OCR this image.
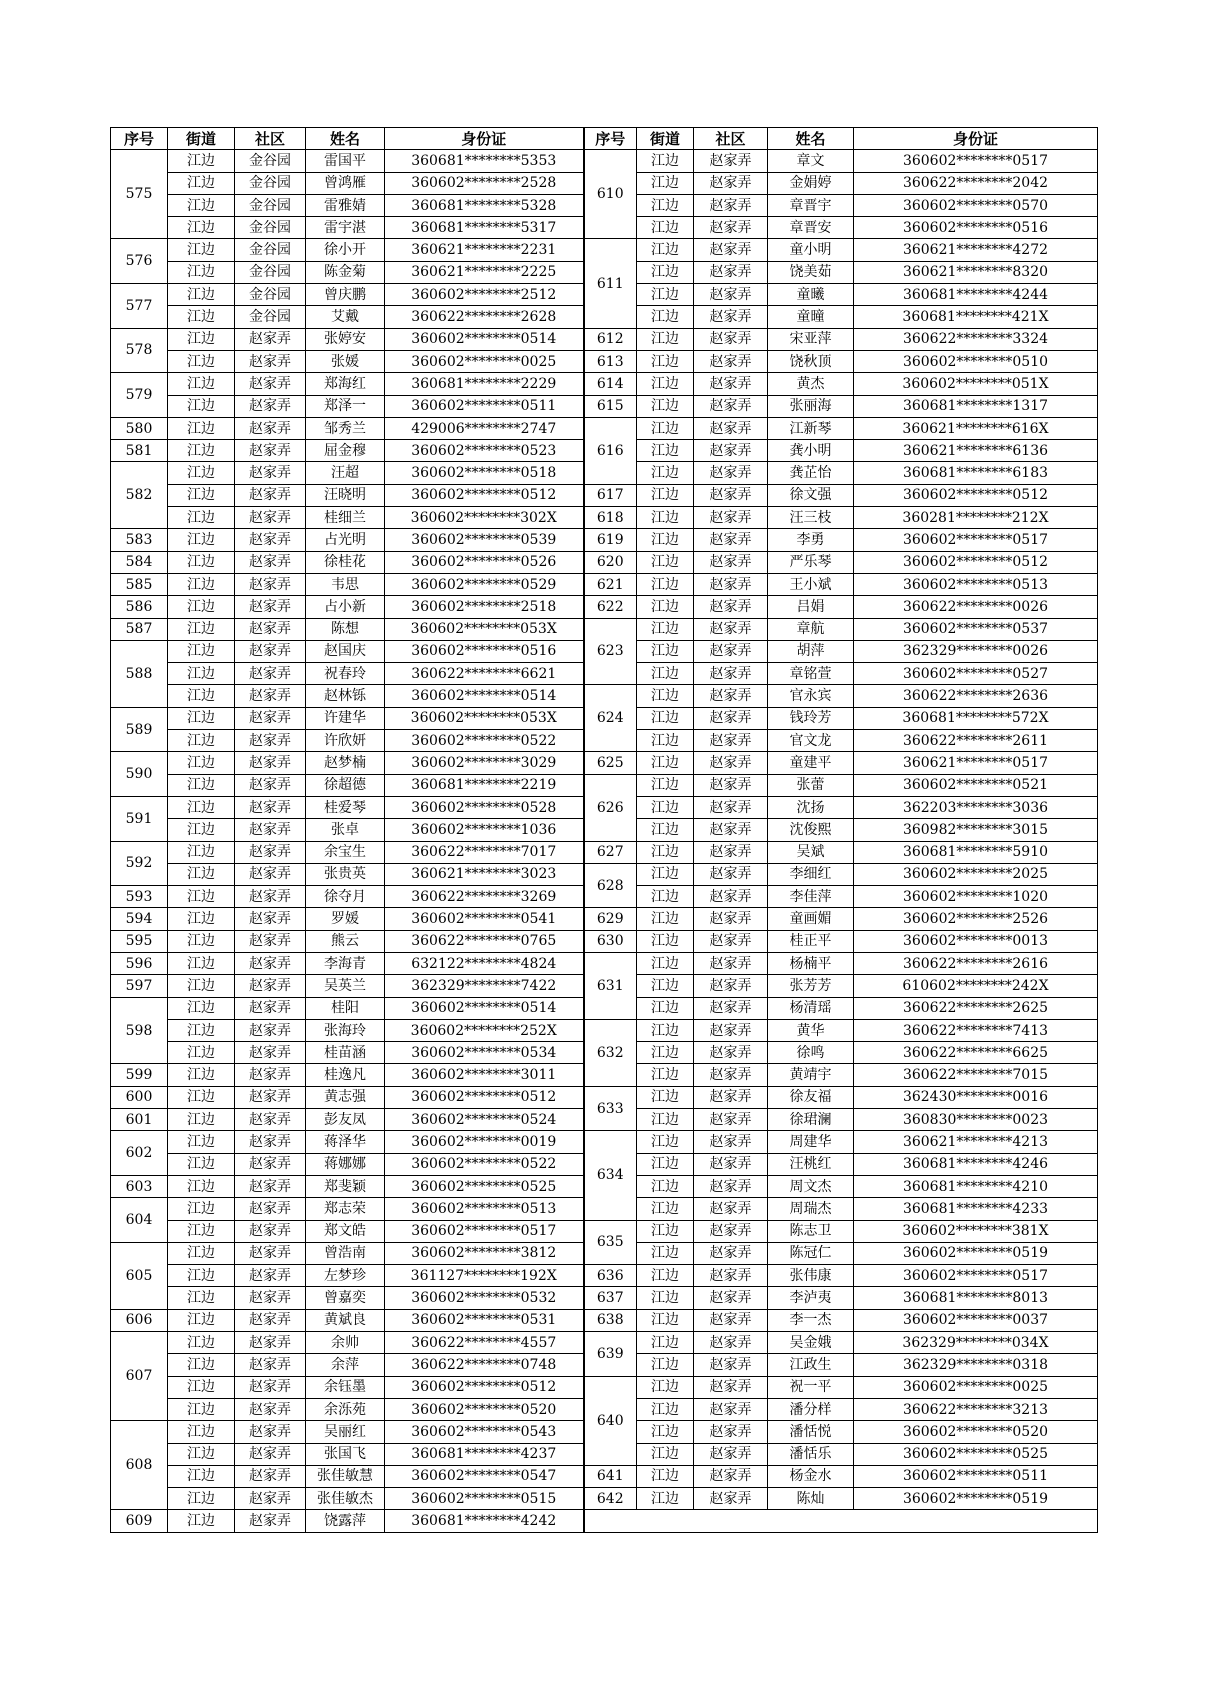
序号	街道	社区	姓名	身份证	序号	街道	社区	姓名	身份证
575	江边	金谷园	雷国平	360681********5353	610	江边	赵家弄	章文	360602********0517
	江边	金谷园	曾鸿雁	360602********2528		江边	赵家弄	金娟婷	360622********2042
	江边	金谷园	雷雅婧	360681********5328		江边	赵家弄	章晋宇	360602********0570
	江边	金谷园	雷宇湛	360681********5317		江边	赵家弄	章晋安	360602********0516
576	江边	金谷园	徐小开	360621********2231	611	江边	赵家弄	童小明	360621********4272
	江边	金谷园	陈金菊	360621********2225		江边	赵家弄	饶美茹	360621********8320
577	江边	金谷园	曾庆鹏	360602********2512		江边	赵家弄	童曦	360681********4244
	江边	金谷园	艾戴	360622********2628		江边	赵家弄	童曈	360681********421X
578	江边	赵家弄	张婷安	360602********0514	612	江边	赵家弄	宋亚萍	360622********3324
	江边	赵家弄	张媛	360602********0025	613	江边	赵家弄	饶秋顶	360602********0510
579	江边	赵家弄	郑海红	360681********2229	614	江边	赵家弄	黄杰	360602********051X
	江边	赵家弄	郑泽一	360602********0511	615	江边	赵家弄	张丽海	360681********1317
580	江边	赵家弄	邹秀兰	429006********2747	616	江边	赵家弄	江新琴	360621********616X
581	江边	赵家弄	屈金穆	360602********0523		江边	赵家弄	龚小明	360621********6136
582	江边	赵家弄	汪超	360602********0518		江边	赵家弄	龚芷怡	360681********6183
	江边	赵家弄	汪晓明	360602********0512	617	江边	赵家弄	徐文强	360602********0512
	江边	赵家弄	桂细兰	360602********302X	618	江边	赵家弄	汪三枝	360281********212X
583	江边	赵家弄	占光明	360602********0539	619	江边	赵家弄	李勇	360602********0517
584	江边	赵家弄	徐桂花	360602********0526	620	江边	赵家弄	严乐琴	360602********0512
585	江边	赵家弄	韦思	360602********0529	621	江边	赵家弄	王小斌	360602********0513
586	江边	赵家弄	占小新	360602********2518	622	江边	赵家弄	吕娟	360622********0026
587	江边	赵家弄	陈想	360602********053X	623	江边	赵家弄	章航	360602********0537
588	江边	赵家弄	赵国庆	360602********0516		江边	赵家弄	胡萍	362329********0026
	江边	赵家弄	祝春玲	360622********6621		江边	赵家弄	章铭萱	360602********0527
	江边	赵家弄	赵林铄	360602********0514	624	江边	赵家弄	官永宾	360622********2636
589	江边	赵家弄	许建华	360602********053X		江边	赵家弄	钱玲芳	360681********572X
	江边	赵家弄	许欣妍	360602********0522		江边	赵家弄	官文龙	360622********2611
590	江边	赵家弄	赵梦楠	360602********3029	625	江边	赵家弄	童建平	360621********0517
	江边	赵家弄	徐超德	360681********2219	626	江边	赵家弄	张蕾	360602********0521
591	江边	赵家弄	桂爱琴	360602********0528		江边	赵家弄	沈扬	362203********3036
	江边	赵家弄	张卓	360602********1036		江边	赵家弄	沈俊熙	360982********3015
592	江边	赵家弄	余宝生	360622********7017	627	江边	赵家弄	吴斌	360681********5910
	江边	赵家弄	张贵英	360621********3023	628	江边	赵家弄	李细红	360602********2025
593	江边	赵家弄	徐夺月	360622********3269		江边	赵家弄	李佳萍	360602********1020
594	江边	赵家弄	罗媛	360602********0541	629	江边	赵家弄	童画媚	360602********2526
595	江边	赵家弄	熊云	360622********0765	630	江边	赵家弄	桂正平	360602********0013
596	江边	赵家弄	李海青	632122********4824	631	江边	赵家弄	杨楠平	360622********2616
597	江边	赵家弄	吴英兰	362329********7422		江边	赵家弄	张芳芳	610602********242X
598	江边	赵家弄	桂阳	360602********0514		江边	赵家弄	杨清瑶	360622********2625
	江边	赵家弄	张海玲	360602********252X	632	江边	赵家弄	黄华	360622********7413
	江边	赵家弄	桂苗涵	360602********0534		江边	赵家弄	徐鸣	360622********6625
599	江边	赵家弄	桂逸凡	360602********3011		江边	赵家弄	黄靖宇	360622********7015
600	江边	赵家弄	黄志强	360602********0512	633	江边	赵家弄	徐友福	362430********0016
601	江边	赵家弄	彭友凤	360602********0524		江边	赵家弄	徐珺澜	360830********0023
602	江边	赵家弄	蒋泽华	360602********0019	634	江边	赵家弄	周建华	360621********4213
	江边	赵家弄	蒋娜娜	360602********0522		江边	赵家弄	汪桃红	360681********4246
603	江边	赵家弄	郑斐颖	360602********0525		江边	赵家弄	周文杰	360681********4210
604	江边	赵家弄	郑志荣	360602********0513		江边	赵家弄	周瑞杰	360681********4233
	江边	赵家弄	郑文皓	360602********0517	635	江边	赵家弄	陈志卫	360602********381X
605	江边	赵家弄	曾浩南	360602********3812		江边	赵家弄	陈冠仁	360602********0519
	江边	赵家弄	左梦珍	361127********192X	636	江边	赵家弄	张伟康	360602********0517
	江边	赵家弄	曾嘉奕	360602********0532	637	江边	赵家弄	李泸夷	360681********8013
606	江边	赵家弄	黄斌良	360602********0531	638	江边	赵家弄	李一杰	360602********0037
607	江边	赵家弄	余帅	360622********4557	639	江边	赵家弄	吴金娥	362329********034X
	江边	赵家弄	余萍	360622********0748		江边	赵家弄	江政生	362329********0318
	江边	赵家弄	余钰墨	360602********0512	640	江边	赵家弄	祝一平	360602********0025
	江边	赵家弄	余泺苑	360602********0520		江边	赵家弄	潘分样	360622********3213
608	江边	赵家弄	吴丽红	360602********0543		江边	赵家弄	潘恬悦	360602********0520
	江边	赵家弄	张国飞	360681********4237		江边	赵家弄	潘恬乐	360602********0525
	江边	赵家弄	张佳敏慧	360602********0547	641	江边	赵家弄	杨金水	360602********0511
	江边	赵家弄	张佳敏杰	360602********0515	642	江边	赵家弄	陈灿	360602********0519
609	江边	赵家弄	饶露萍	360681********4242					
